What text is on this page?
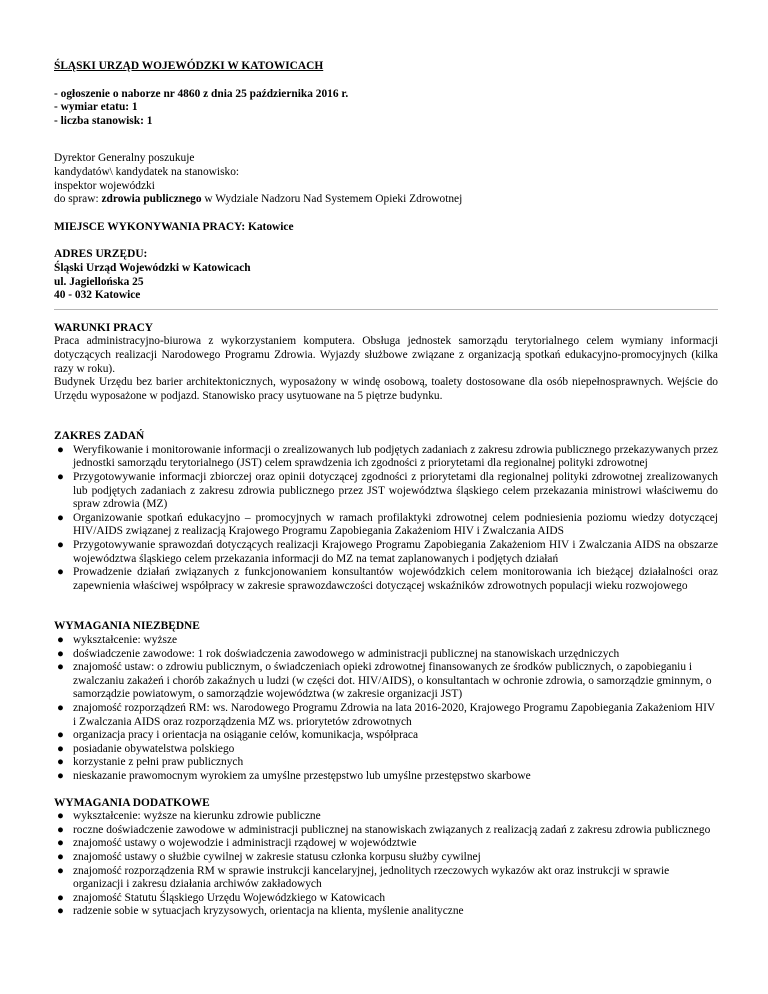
ŚLĄSKI URZĄD WOJEWÓDZKI W KATOWICACH
- ogłoszenie o naborze nr 4860 z dnia 25 października 2016 r.
- wymiar etatu: 1
- liczba stanowisk: 1
Dyrektor Generalny poszukuje
kandydatów\ kandydatek na stanowisko:
inspektor wojewódzki
do spraw: zdrowia publicznego w Wydziale Nadzoru Nad Systemem Opieki Zdrowotnej
MIEJSCE WYKONYWANIA PRACY: Katowice
ADRES URZĘDU:
Śląski Urząd Wojewódzki w Katowicach
ul. Jagiellońska 25
40 - 032 Katowice
WARUNKI PRACY
Praca administracyjno-biurowa z wykorzystaniem komputera. Obsługa jednostek samorządu terytorialnego celem wymiany informacji dotyczących realizacji Narodowego Programu Zdrowia. Wyjazdy służbowe związane z organizacją spotkań edukacyjno-promocyjnych (kilka razy w roku).
Budynek Urzędu bez barier architektonicznych, wyposażony w windę osobową, toalety dostosowane dla osób niepełnosprawnych. Wejście do Urzędu wyposażone w podjazd. Stanowisko pracy usytuowane na 5 piętrze budynku.
ZAKRES ZADAŃ
● Weryfikowanie i monitorowanie informacji o zrealizowanych lub podjętych zadaniach z zakresu zdrowia publicznego przekazywanych przez jednostki samorządu terytorialnego (JST) celem sprawdzenia ich zgodności z priorytetami dla regionalnej polityki zdrowotnej
● Przygotowywanie informacji zbiorczej oraz opinii dotyczącej zgodności z priorytetami dla regionalnej polityki zdrowotnej zrealizowanych lub podjętych zadaniach z zakresu zdrowia publicznego przez JST województwa śląskiego celem przekazania ministrowi właściwemu do spraw zdrowia (MZ)
● Organizowanie spotkań edukacyjno – promocyjnych w ramach profilaktyki zdrowotnej celem podniesienia poziomu wiedzy dotyczącej HIV/AIDS związanej z realizacją Krajowego Programu Zapobiegania Zakażeniom HIV i Zwalczania AIDS
● Przygotowywanie sprawozdań dotyczących realizacji Krajowego Programu Zapobiegania Zakażeniom HIV i Zwalczania AIDS na obszarze województwa śląskiego celem przekazania informacji do MZ na temat zaplanowanych i podjętych działań
● Prowadzenie działań związanych z funkcjonowaniem konsultantów wojewódzkich celem monitorowania ich bieżącej działalności oraz zapewnienia właściwej współpracy w zakresie sprawozdawczości dotyczącej wskaźników zdrowotnych populacji wieku rozwojowego
WYMAGANIA NIEZBĘDNE
● wykształcenie: wyższe
● doświadczenie zawodowe: 1 rok doświadczenia zawodowego w administracji publicznej na stanowiskach urzędniczych
● znajomość ustaw: o zdrowiu publicznym, o świadczeniach opieki zdrowotnej finansowanych ze środków publicznych, o zapobieganiu i zwalczaniu zakażeń i chorób zakaźnych u ludzi (w części dot. HIV/AIDS), o konsultantach w ochronie zdrowia, o samorządzie gminnym, o samorządzie powiatowym, o samorządzie województwa (w zakresie organizacji JST)
● znajomość rozporządzeń RM: ws. Narodowego Programu Zdrowia na lata 2016-2020, Krajowego Programu Zapobiegania Zakażeniom HIV i Zwalczania AIDS oraz rozporządzenia MZ ws. priorytetów zdrowotnych
● organizacja pracy i orientacja na osiąganie celów, komunikacja, współpraca
● posiadanie obywatelstwa polskiego
● korzystanie z pełni praw publicznych
● nieskazanie prawomocnym wyrokiem za umyślne przestępstwo lub umyślne przestępstwo skarbowe
WYMAGANIA DODATKOWE
● wykształcenie: wyższe na kierunku zdrowie publiczne
● roczne doświadczenie zawodowe w administracji publicznej na stanowiskach związanych z realizacją zadań z zakresu zdrowia publicznego
● znajomość ustawy o wojewodzie i administracji rządowej w województwie
● znajomość ustawy o służbie cywilnej w zakresie statusu członka korpusu służby cywilnej
● znajomość rozporządzenia RM w sprawie instrukcji kancelaryjnej, jednolitych rzeczowych wykazów akt oraz instrukcji w sprawie organizacji i zakresu działania archiwów zakładowych
● znajomość Statutu Śląskiego Urzędu Wojewódzkiego w Katowicach
● radzenie sobie w sytuacjach kryzysowych, orientacja na klienta, myślenie analityczne
